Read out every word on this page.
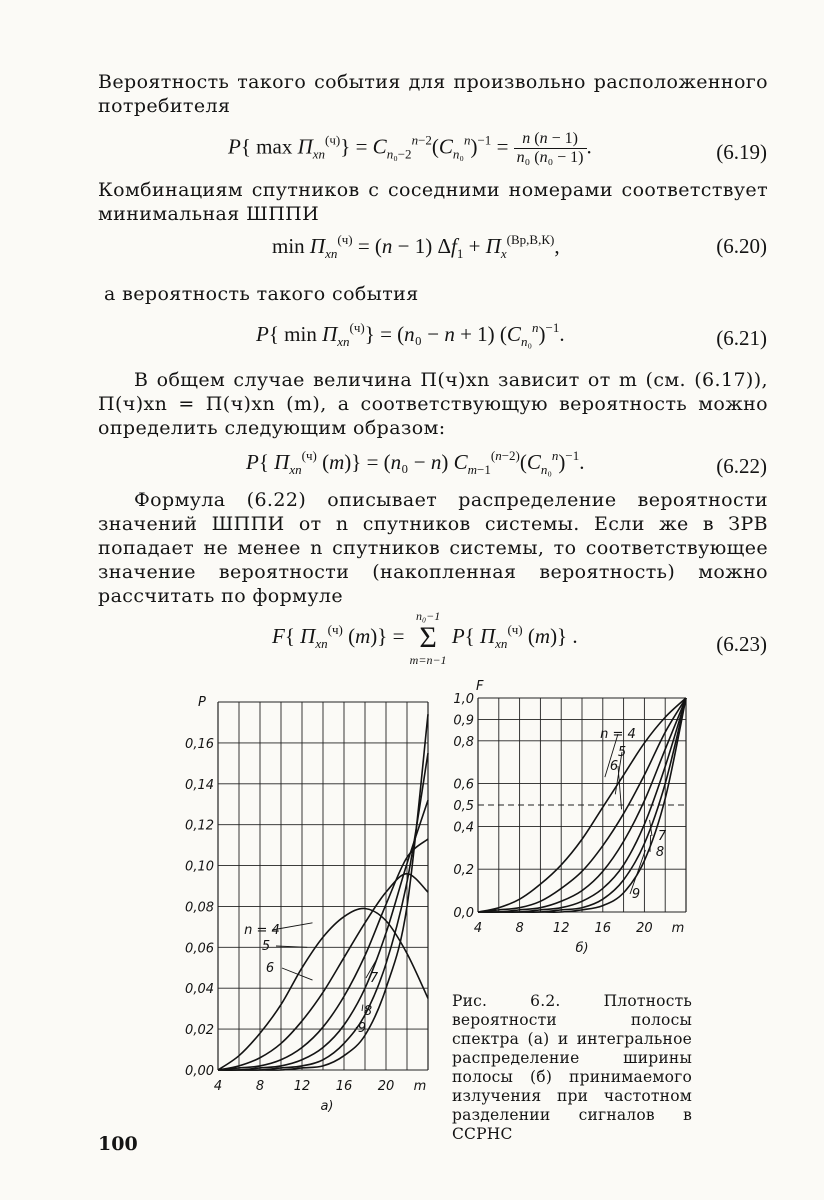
Вероятность такого события для произвольно расположенного потребителя
P{ $\max \Pi_{xn}^{(ч)}\} = C_{n_0-2}^{n-2}(C_{n_0}^n)^{-1} = \frac{n (n - 1)}{\text{n₀ (n₀ − 1)}}$ .	(6.19)
Комбинациям спутников с соседними номерами соответствует минимальная ШППИ
$\min \Pi_{xn}^{(ч)} = (n - 1) \Delta f_1 + \Pi_x^{(Вр,В,К)}$,	(6.20)
а вероятность такого события
P{ $\min \Pi_{xn}^{(ч)}\} = (n_0 - n + 1)$ $(C_{n_0}^n)^{-1}$.	(6.21)
В общем случае величина Π(ч)xn зависит от m (см. (6.17)), Π(ч)xn = Π(ч)xn (m), а соответствующую вероятность можно определить следующим образом:
P{ $\Pi_{xn}^{(ч)}$ (m)} = (n₀ − n) $C_{m-1}^{(n-2)}(C_{n_0}^n)^{-1}$.	(6.22)
Формула (6.22) описывает распределение вероятности значений ШППИ от n спутников системы. Если же в ЗРВ попадает не менее n спутников системы, то соответствующее значение вероятности (накопленная вероятность) можно рассчитать по формуле
F{ $\Pi_{xn}^{(ч)}$ (m)} =
n₀−1
Σ
m=n−1
P{ $\Pi_{xn}^{(ч)}$ (m)} .	(6.23)
0,00
0,02
0,04
0,06
0,08
0,10
0,12
0,14
0,16
4	8 12 16 20 m
P
а)
n = 4
5
6
7
8
9
0,0
0,2
0,4
0,5
0,6
0,8
0,9
1,0
4	8 12 16 20 m
F
б)
n = 4
5
6
7
8
9
Рис. 6.2. Плотность вероятности полосы спектра (а) и интегральное распределение ширины полосы (б) принимаемого излучения при частотном разделении сигналов в ССРНС
100
